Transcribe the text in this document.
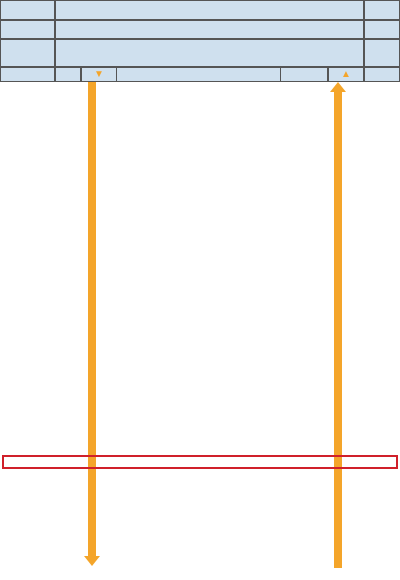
▼	▲
